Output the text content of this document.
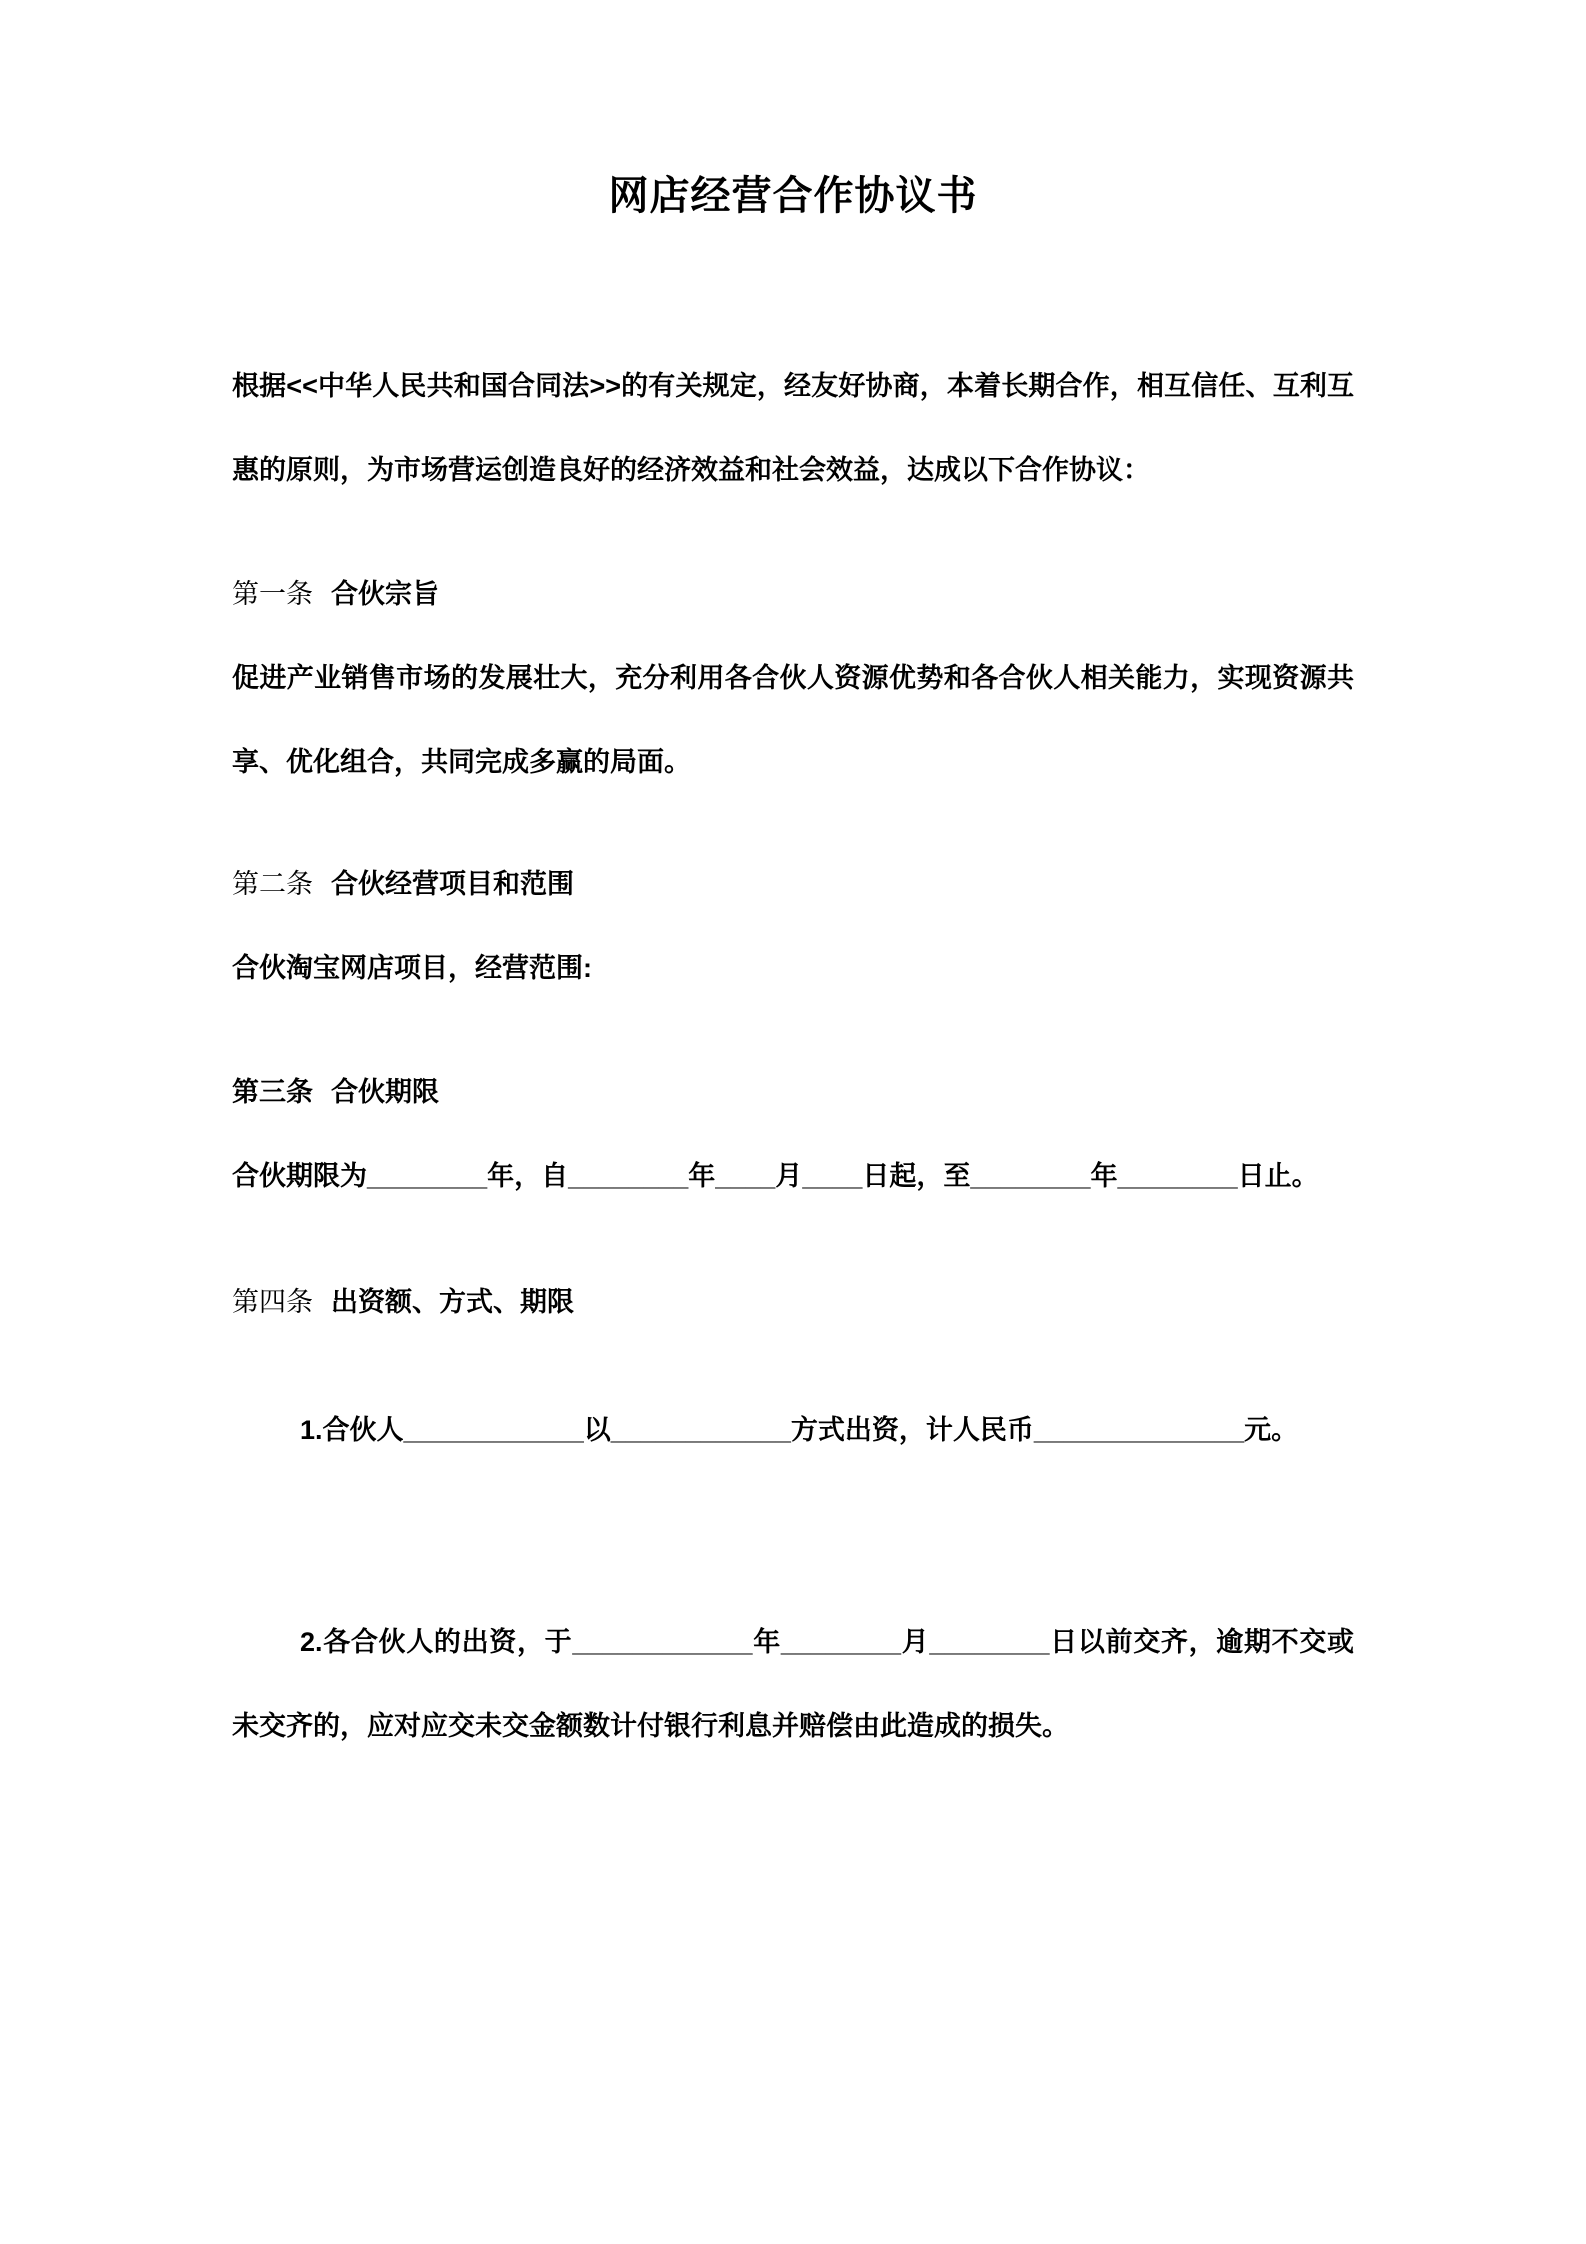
网店经营合作协议书

根据<<中华人民共和国合同法>>的有关规定，经友好协商，本着长期合作，相互信任、互利互惠的原则，为市场营运创造良好的经济效益和社会效益，达成以下合作协议：

第一条 合伙宗旨

促进产业销售市场的发展壮大，充分利用各合伙人资源优势和各合伙人相关能力，实现资源共享、优化组合，共同完成多赢的局面。

第二条 合伙经营项目和范围

合伙淘宝网店项目，经营范围:

第三条 合伙期限

合伙期限为________年，自________年____月____日起，至________年________日止。

第四条 出资额、方式、期限

1.合伙人____________以____________方式出资，计人民币______________元。

2.各合伙人的出资，于____________年________月________日以前交齐，逾期不交或未交齐的，应对应交未交金额数计付银行利息并赔偿由此造成的损失。
